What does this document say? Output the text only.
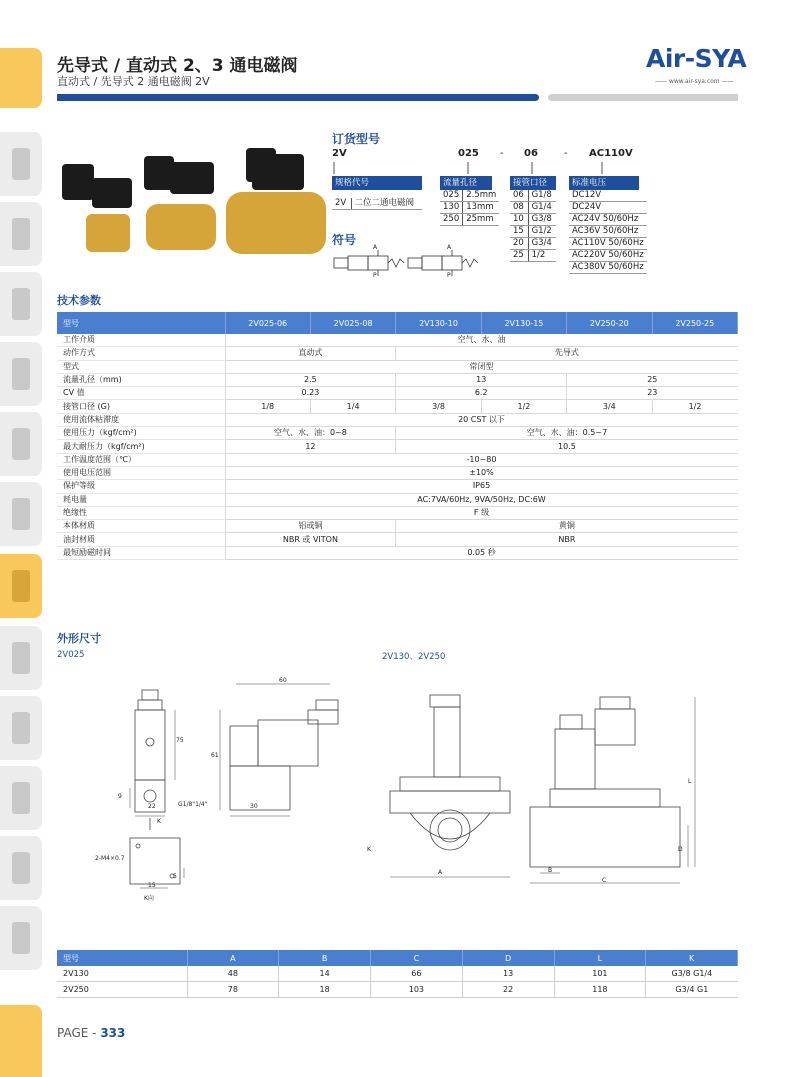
先导式 / 直动式 2、3 通电磁阀
直动式 / 先导式 2 通电磁阀 2V
Air-SYA
—— www.air-sya.com ——
订货型号
2V	025 - 06	- AC110V
规格代号
2V	二位二通电磁阀
流量孔径
025	2.5mm
130	13mm
250	25mm
接管口径
06	G1/8
08	G1/4
10	G3/8
15	G1/2
20	G3/4
25	1/2
标准电压
DC12V
DC24V
AC24V 50/60Hz
AC36V 50/60Hz
AC110V 50/60Hz
AC220V 50/60Hz
AC380V 50/60Hz
符号
A
P
A
P
技术参数
型号	2V025-06	2V025-08	2V130-10	2V130-15	2V250-20	2V250-25
工作介质	空气、水、油					
动作方式	直动式		先导式			
型式	常闭型					
流量孔径（mm)	2.5		13		25	
CV 值	0.23		6.2		23	
接管口径 (G)	1/8	1/4	3/8	1/2	3/4	1/2
使用流体粘滞度	20 CST 以下					
使用压力（kgf/cm²)	空气、水、油：0~8		空气、水、油：0.5~7			
最大耐压力（kgf/cm²)	12		10.5			
工作温度范围（℃）	-10~80					
使用电压范围	±10%					
保护等级	IP65					
耗电量	AC:7VA/60Hz, 9VA/50Hz, DC:6W					
绝缘性	F 级					
本体材质	铝或铜		黄铜			
油封材质	NBR 或 VITON		NBR			
最短励磁时间	0.05 秒					
外形尺寸
2V025	2V130、2V250
60
75
61
9
22	30
G1/8"1/4"
K
2-M4×0.7
15
5
K向
A	B
C
D
L
K
型号	A	B	C	D	L	K
2V130	48	14	66	13	101	G3/8 G1/4
2V250	78	18	103	22	118	G3/4 G1
PAGE - 333
